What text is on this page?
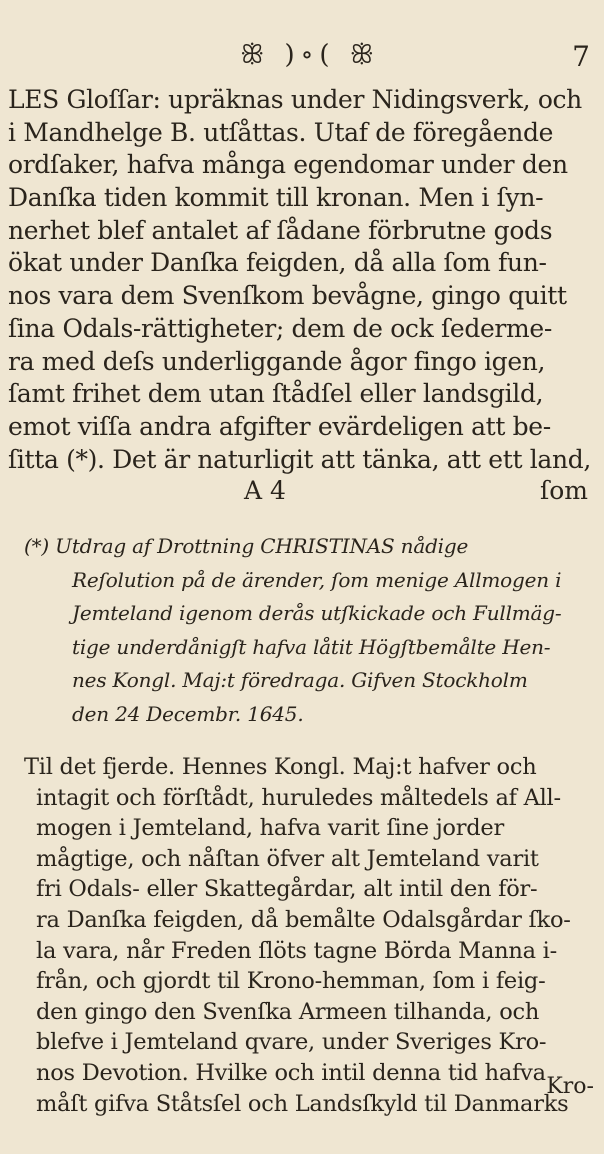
ꕥ )∘( ꕥ	7
LES Gloſſar: upräknas under Nidingsverk, och
i Mandhelge B. utſåttas. Utaf de föregående
ordſaker, hafva många egendomar under den
Danſka tiden kommit till kronan. Men i ſyn-
nerhet blef antalet af ſådane förbrutne gods
ökat under Danſka feigden, då alla ſom fun-
nos vara dem Svenſkom bevågne, gingo quitt
ſina Odals-rättigheter; dem de ock ſederme-
ra med deſs underliggande ågor fingo igen,
ſamt frihet dem utan ſtådſel eller landsgild,
emot viſſa andra afgifter evärdeligen att be-
ſitta (*). Det är naturligit att tänka, att ett land,
A 4	ſom
(*) Utdrag af Drottning CHRISTINAS nådige
Reſolution på de ärender, ſom menige Allmogen i
Jemteland igenom derås utſkickade och Fullmäg-
tige underdånigſt hafva låtit Högſtbemålte Hen-
nes Kongl. Maj:t föredraga. Gifven Stockholm
den 24 Decembr. 1645.
Til det fjerde. Hennes Kongl. Maj:t hafver och
intagit och förſtådt, huruledes måltedels af All-
mogen i Jemteland, hafva varit ſine jorder
mågtige, och nåſtan öfver alt Jemteland varit
fri Odals- eller Skattegårdar, alt intil den för-
ra Danſka feigden, då bemålte Odalsgårdar ſko-
la vara, når Freden ſlöts tagne Börda Manna i-
från, och gjordt til Krono-hemman, ſom i feig-
den gingo den Svenſka Armeen tilhanda, och
blefve i Jemteland qvare, under Sveriges Kro-
nos Devotion. Hvilke och intil denna tid hafva
måſt gifva Ståtsſel och Landsſkyld til Danmarks
Kro-
